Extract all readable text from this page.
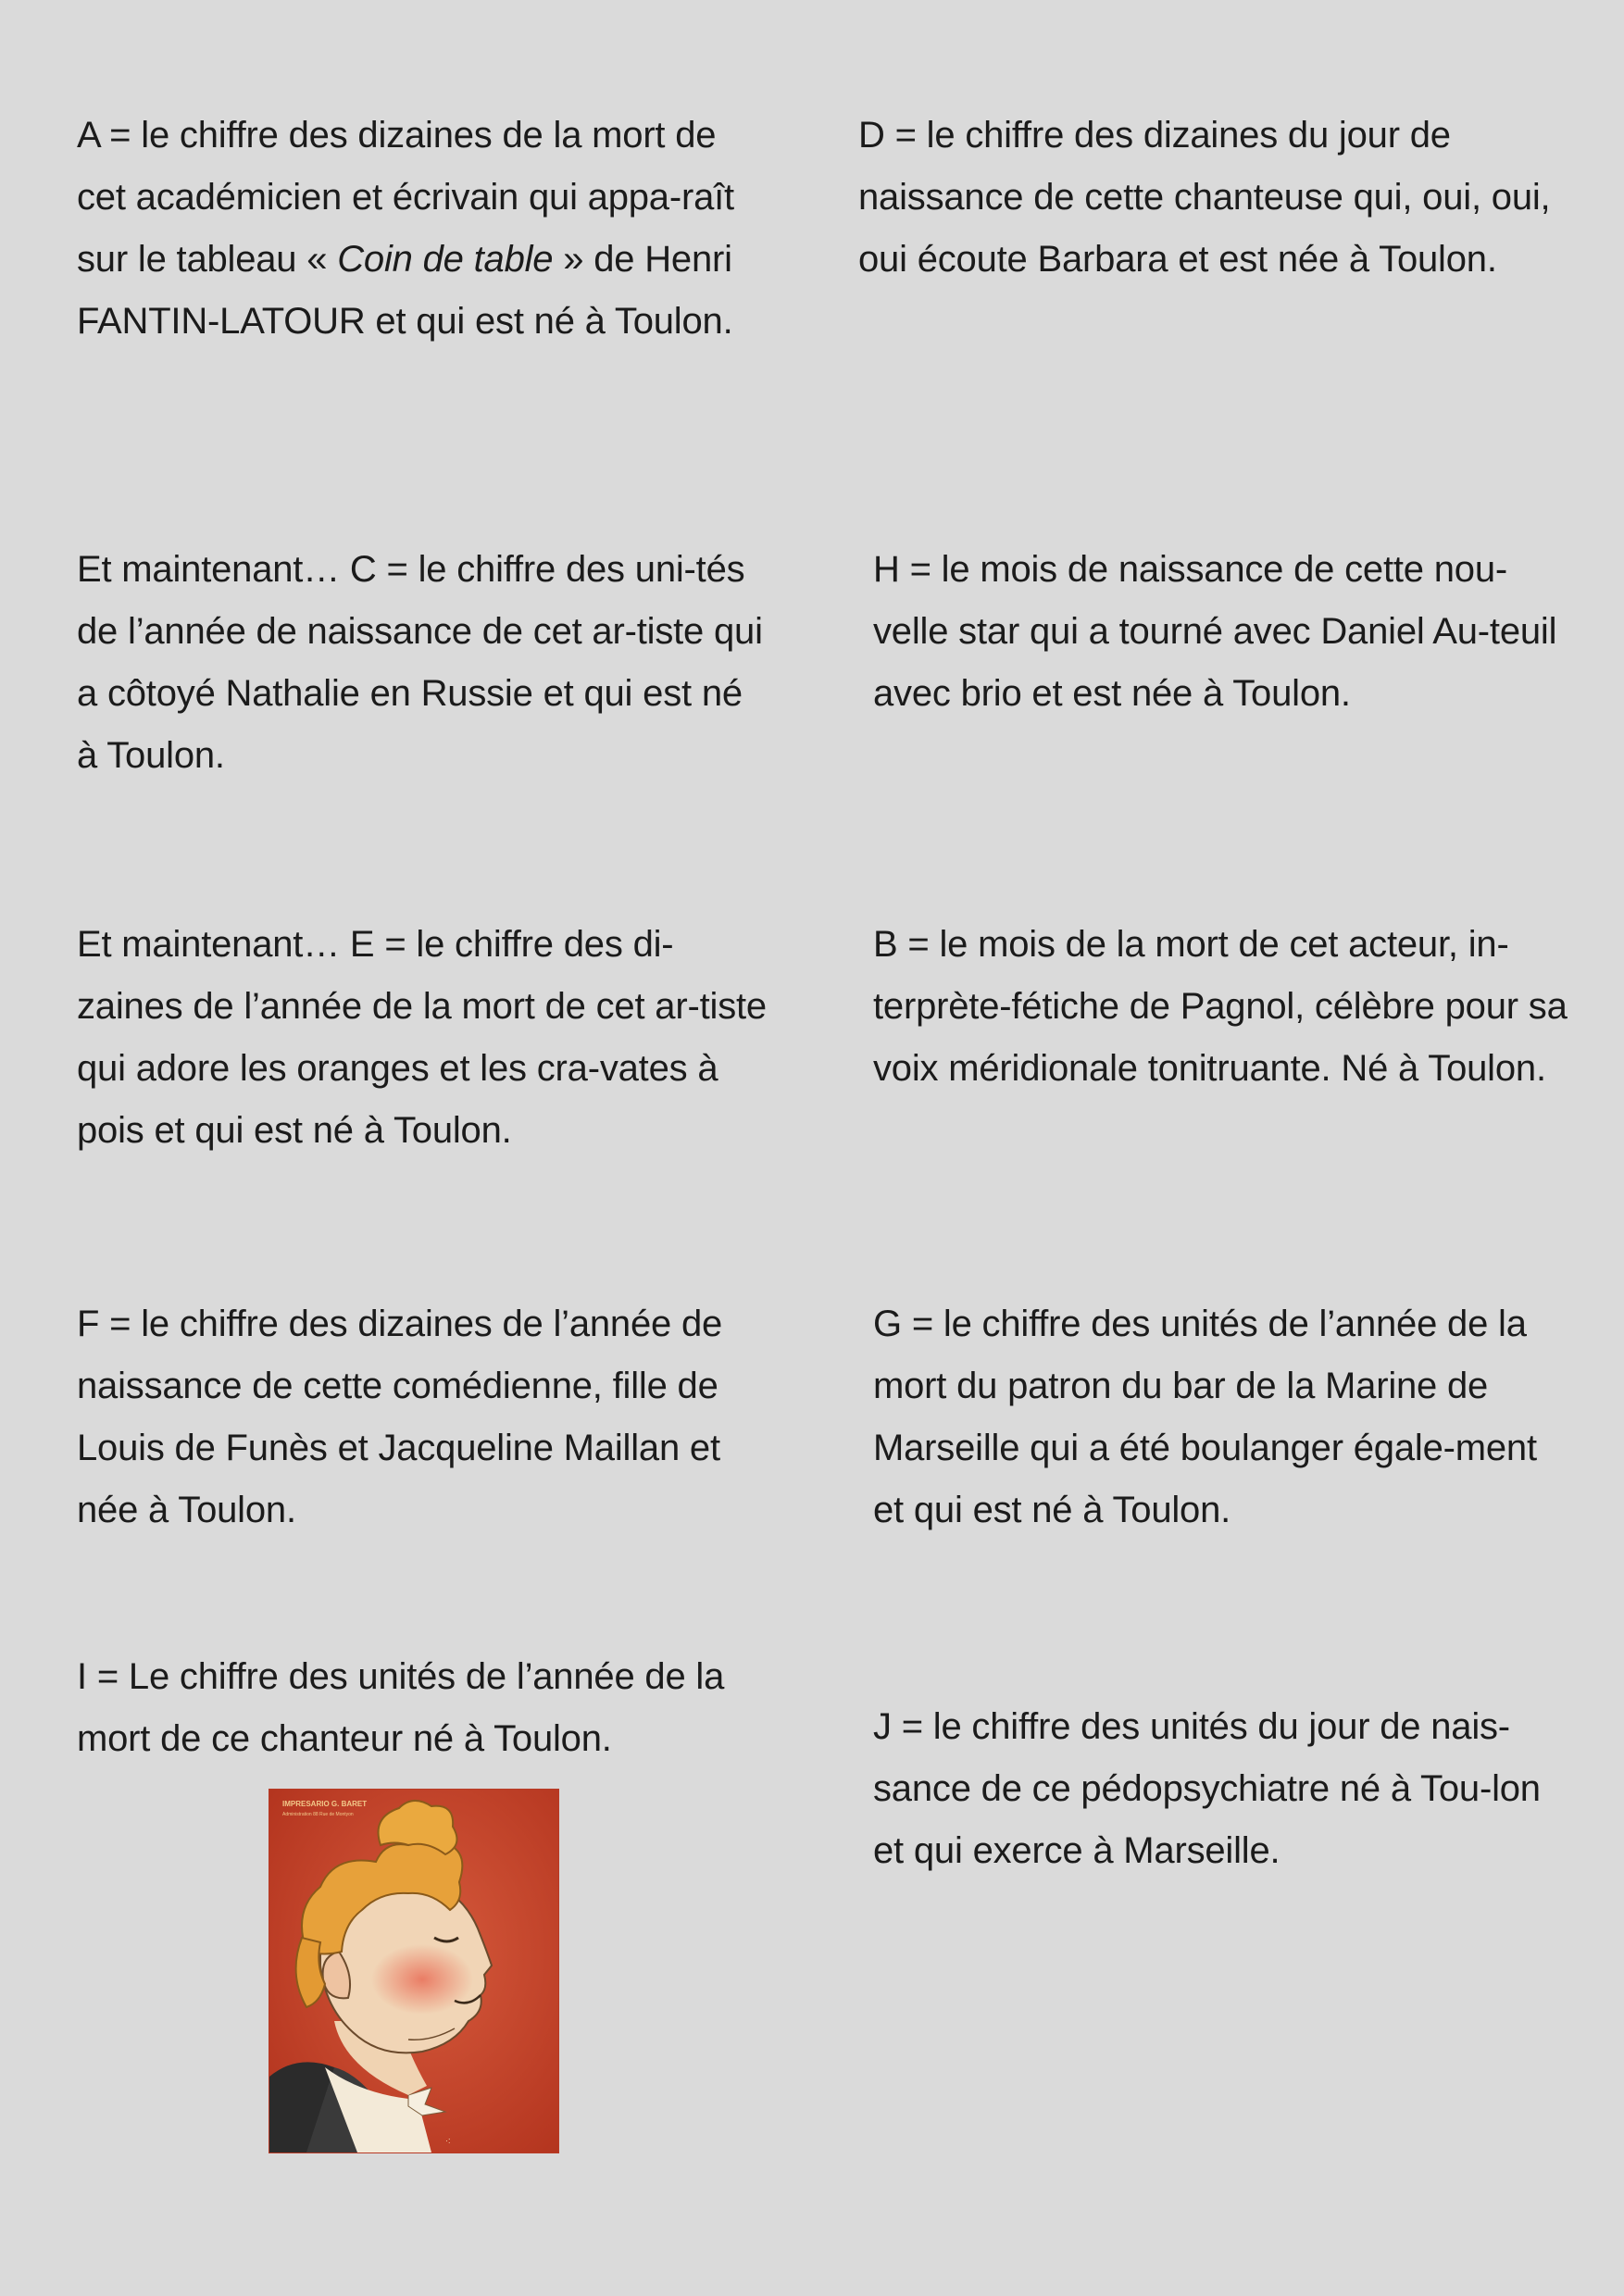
A = le chiffre des dizaines de la mort de cet académicien et écrivain qui appa-raît sur le tableau « Coin de table » de Henri FANTIN-LATOUR et qui est né à Toulon.

Et maintenant… C = le chiffre des uni-tés de l’année de naissance de cet ar-tiste qui a côtoyé Nathalie en Russie et qui est né à Toulon.

Et maintenant… E = le chiffre des di-zaines de l’année de la mort de cet ar-tiste qui adore les oranges et les cra-vates à pois et qui est né à Toulon.

F = le chiffre des dizaines de l’année de naissance de cette comédienne, fille de Louis de Funès et Jacqueline Maillan et née à Toulon.

I = Le chiffre des unités de l’année de la mort de ce chanteur né à Toulon.

D = le chiffre des dizaines du jour de naissance de cette chanteuse qui, oui, oui, oui écoute Barbara et est née à Toulon.

H = le mois de naissance de cette nou-velle star qui a tourné avec Daniel Au-teuil avec brio et est née à Toulon.

B = le mois de la mort de cet acteur, in-terprète-fétiche de Pagnol, célèbre pour sa voix méridionale tonitruante. Né à Toulon.

G = le chiffre des unités de l’année de la mort du patron du bar de la Marine de Marseille qui a été boulanger égale-ment et qui est né à Toulon.

J = le chiffre des unités du jour de nais-sance de ce pédopsychiatre né à Tou-lon et qui exerce à Marseille.

IMPRESARIO G. BARET
Administration 88 Rue de Montyon
·:
